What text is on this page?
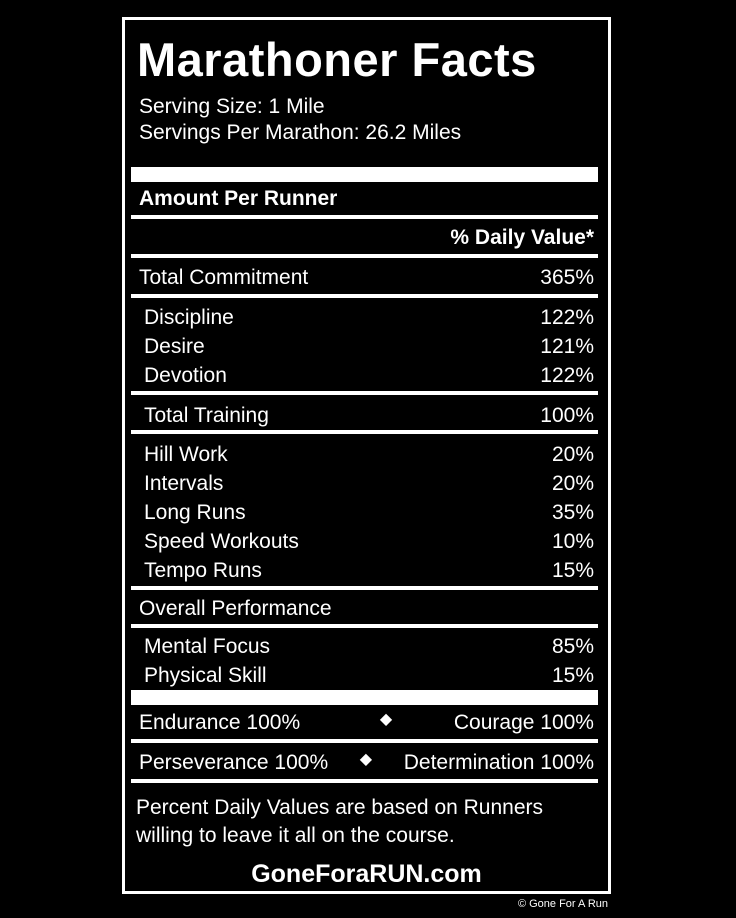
Marathoner Facts
Serving Size: 1 Mile
Servings Per Marathon: 26.2 Miles
Amount Per Runner
% Daily Value*
Total Commitment	365%
Discipline	122%
Desire	121%
Devotion	122%
Total Training	100%
Hill Work	20%
Intervals	20%
Long Runs	35%
Speed Workouts	10%
Tempo Runs	15%
Overall Performance
Mental Focus	85%
Physical Skill	15%
Endurance 100%	◆	Courage 100%
Perseverance 100% ◆ Determination 100%
Percent Daily Values are based on Runners
willing to leave it all on the course.
GoneForaRUN.com
© Gone For A Run
